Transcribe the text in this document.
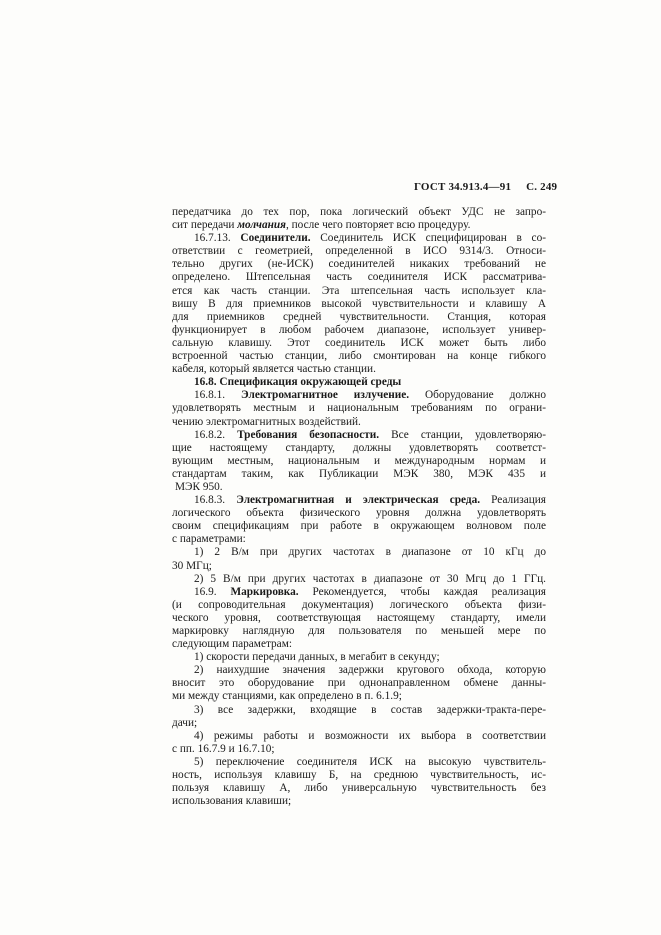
ГОСТ 34.913.4—91 С. 249
передатчика до тех пор, пока логический объект УДС не запро-
сит передачи молчания, после чего повторяет всю процедуру.
16.7.13. Соединители. Соединитель ИСК специфицирован в со-
ответствии с геометрией, определенной в ИСО 9314/3. Относи-
тельно других (не-ИСК) соединителей никаких требований не
определено. Штепсельная часть соединителя ИСК рассматрива-
ется как часть станции. Эта штепсельная часть использует кла-
вишу В для приемников высокой чувствительности и клавишу А
для приемников средней чувствительности. Станция, которая
функционирует в любом рабочем диапазоне, использует универ-
сальную клавишу. Этот соединитель ИСК может быть либо
встроенной частью станции, либо смонтирован на конце гибкого
кабеля, который является частью станции.
16.8. Спецификация окружающей среды
16.8.1. Электромагнитное излучение. Оборудование должно
удовлетворять местным и национальным требованиям по ограни-
чению электромагнитных воздействий.
16.8.2. Требования безопасности. Все станции, удовлетворяю-
щие настоящему стандарту, должны удовлетворять соответст-
вующим местным, национальным и международным нормам и
стандартам таким, как Публикации МЭК 380, МЭК 435 и
МЭК 950.
16.8.3. Электромагнитная и электрическая среда. Реализация
логического объекта физического уровня должна удовлетворять
своим спецификациям при работе в окружающем волновом поле
с параметрами:
1) 2 В/м при других частотах в диапазоне от 10 кГц до
30 МГц;
2) 5 В/м при других частотах в диапазоне от 30 Мгц до 1 ГГц.
16.9. Маркировка. Рекомендуется, чтобы каждая реализация
(и сопроводительная документация) логического объекта физи-
ческого уровня, соответствующая настоящему стандарту, имели
маркировку наглядную для пользователя по меньшей мере по
следующим параметрам:
1) скорости передачи данных, в мегабит в секунду;
2) наихудшие значения задержки кругового обхода, которую
вносит это оборудование при однонаправленном обмене данны-
ми между станциями, как определено в п. 6.1.9;
3) все задержки, входящие в состав задержки-тракта-пере-
дачи;
4) режимы работы и возможности их выбора в соответствии
с пп. 16.7.9 и 16.7.10;
5) переключение соединителя ИСК на высокую чувствитель-
ность, используя клавишу Б, на среднюю чувствительность, ис-
пользуя клавишу А, либо универсальную чувствительность без
использования клавиши;
